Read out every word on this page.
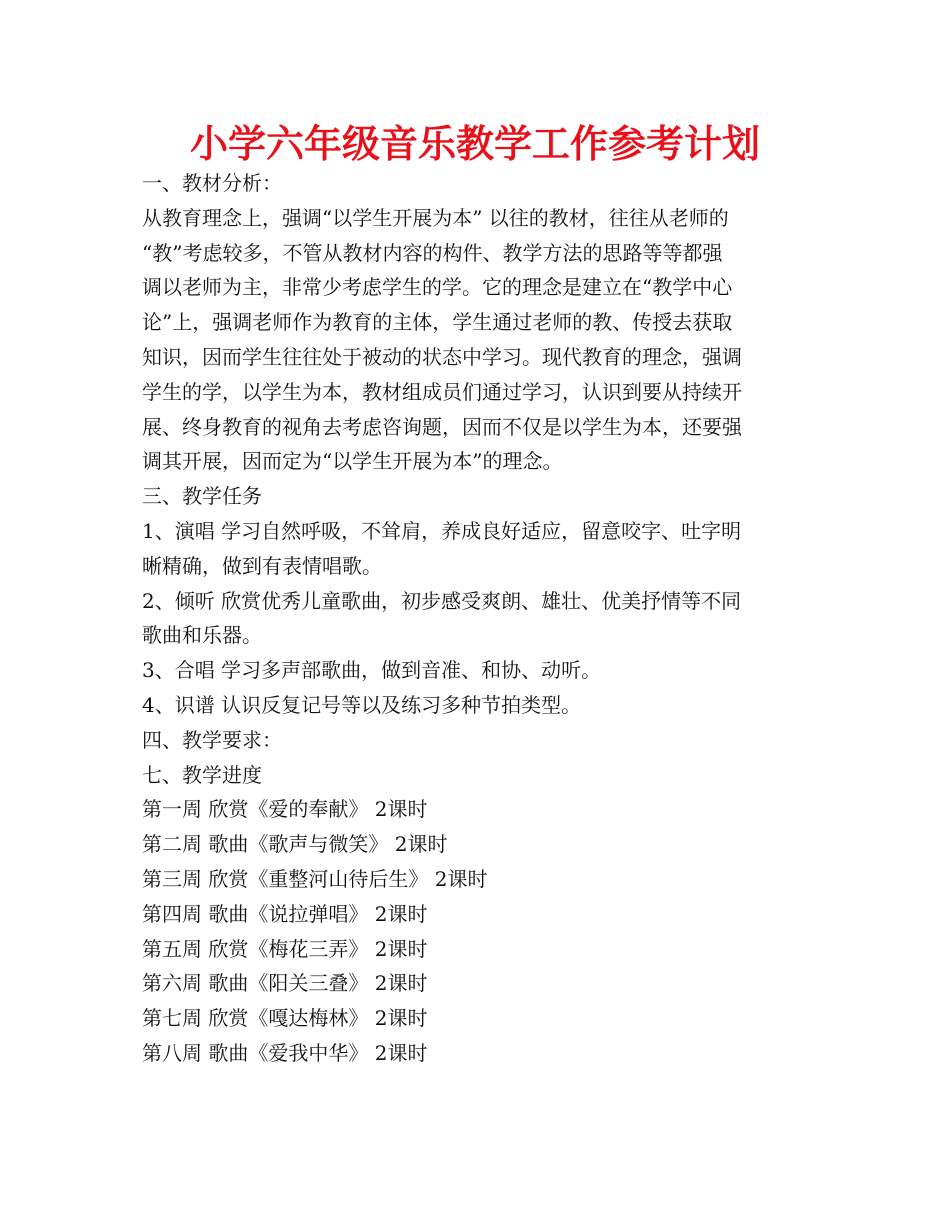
小学六年级音乐教学工作参考计划
一、教材分析：
从教育理念上，强调“以学生开展为本” 以往的教材，往往从老师的
“教”考虑较多，不管从教材内容的构件、教学方法的思路等等都强
调以老师为主，非常少考虑学生的学。它的理念是建立在“教学中心
论”上，强调老师作为教育的主体，学生通过老师的教、传授去获取
知识，因而学生往往处于被动的状态中学习。现代教育的理念，强调
学生的学，以学生为本，教材组成员们通过学习，认识到要从持续开
展、终身教育的视角去考虑咨询题，因而不仅是以学生为本，还要强
调其开展，因而定为“以学生开展为本”的理念。
三、教学任务
1、演唱 学习自然呼吸，不耸肩，养成良好适应，留意咬字、吐字明
晰精确，做到有表情唱歌。
2、倾听 欣赏优秀儿童歌曲，初步感受爽朗、雄壮、优美抒情等不同
歌曲和乐器。
3、合唱 学习多声部歌曲，做到音准、和协、动听。
4、识谱 认识反复记号等以及练习多种节拍类型。
四、教学要求：
七、教学进度
第一周 欣赏《爱的奉献》 2课时
第二周 歌曲《歌声与微笑》 2课时
第三周 欣赏《重整河山待后生》 2课时
第四周 歌曲《说拉弹唱》 2课时
第五周 欣赏《梅花三弄》 2课时
第六周 歌曲《阳关三叠》 2课时
第七周 欣赏《嘎达梅林》 2课时
第八周 歌曲《爱我中华》 2课时
